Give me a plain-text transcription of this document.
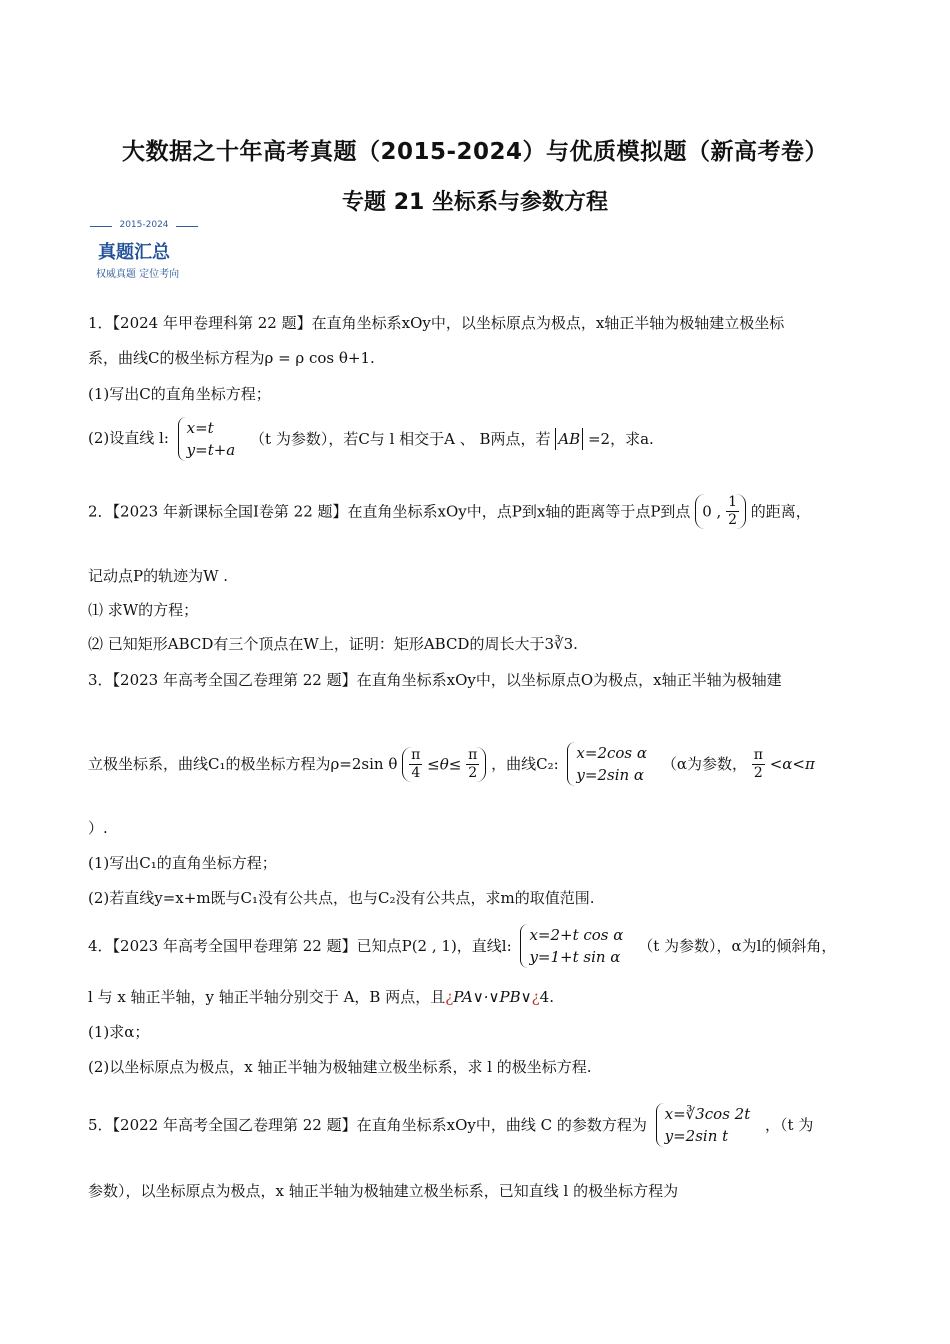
大数据之十年高考真题（2015-2024）与优质模拟题（新高考卷）
专题 21 坐标系与参数方程
2015-2024
真题汇总
权威真题 定位考向
1．【2024 年甲卷理科第 22 题】在直角坐标系xOy中，以坐标原点为极点，x轴正半轴为极轴建立极坐标
系，曲线C的极坐标方程为ρ = ρ cos θ+1.
(1)写出C的直角坐标方程；
(2)设直线 l:
x=t
y=t+a
（t 为参数），若C与 l 相交于A 、 B两点，若 AB =2，求a.
2．【2023 年新课标全国Ⅰ卷第 22 题】在直角坐标系xOy中，点P到x轴的距离等于点P到点 0 , $\frac{1}{2}$ 的距离，
记动点P的轨迹为W .
⑴ 求W的方程；
⑵ 已知矩形ABCD有三个顶点在W上，证明：矩形ABCD的周长大于3∛3.
3．【2023 年高考全国乙卷理第 22 题】在直角坐标系xOy中，以坐标原点O为极点，x轴正半轴为极轴建
立极坐标系，曲线C₁的极坐标方程为ρ=2sin θ $\frac{\pi}{4} \le\theta\le \frac{\pi}{2}$ ，曲线C₂:
x=2cos α
y=2sin α
（α为参数， $\frac{\pi}{2} <\alpha<\pi$
）.
(1)写出C₁的直角坐标方程；
(2)若直线y=x+m既与C₁没有公共点，也与C₂没有公共点，求m的取值范围.
4．【2023 年高考全国甲卷理第 22 题】已知点P(2 , 1)，直线l:
x=2+t cos α
y=1+t sin α
（t 为参数），α为l的倾斜角，
l 与 x 轴正半轴，y 轴正半轴分别交于 A，B 两点，且¿PA∨·∨PB∨¿4.
(1)求α；
(2)以坐标原点为极点，x 轴正半轴为极轴建立极坐标系，求 l 的极坐标方程.
5．【2022 年高考全国乙卷理第 22 题】在直角坐标系xOy中，曲线 C 的参数方程为
x=∛3cos 2t
y=2sin t
，（t 为
参数），以坐标原点为极点，x 轴正半轴为极轴建立极坐标系，已知直线 l 的极坐标方程为
